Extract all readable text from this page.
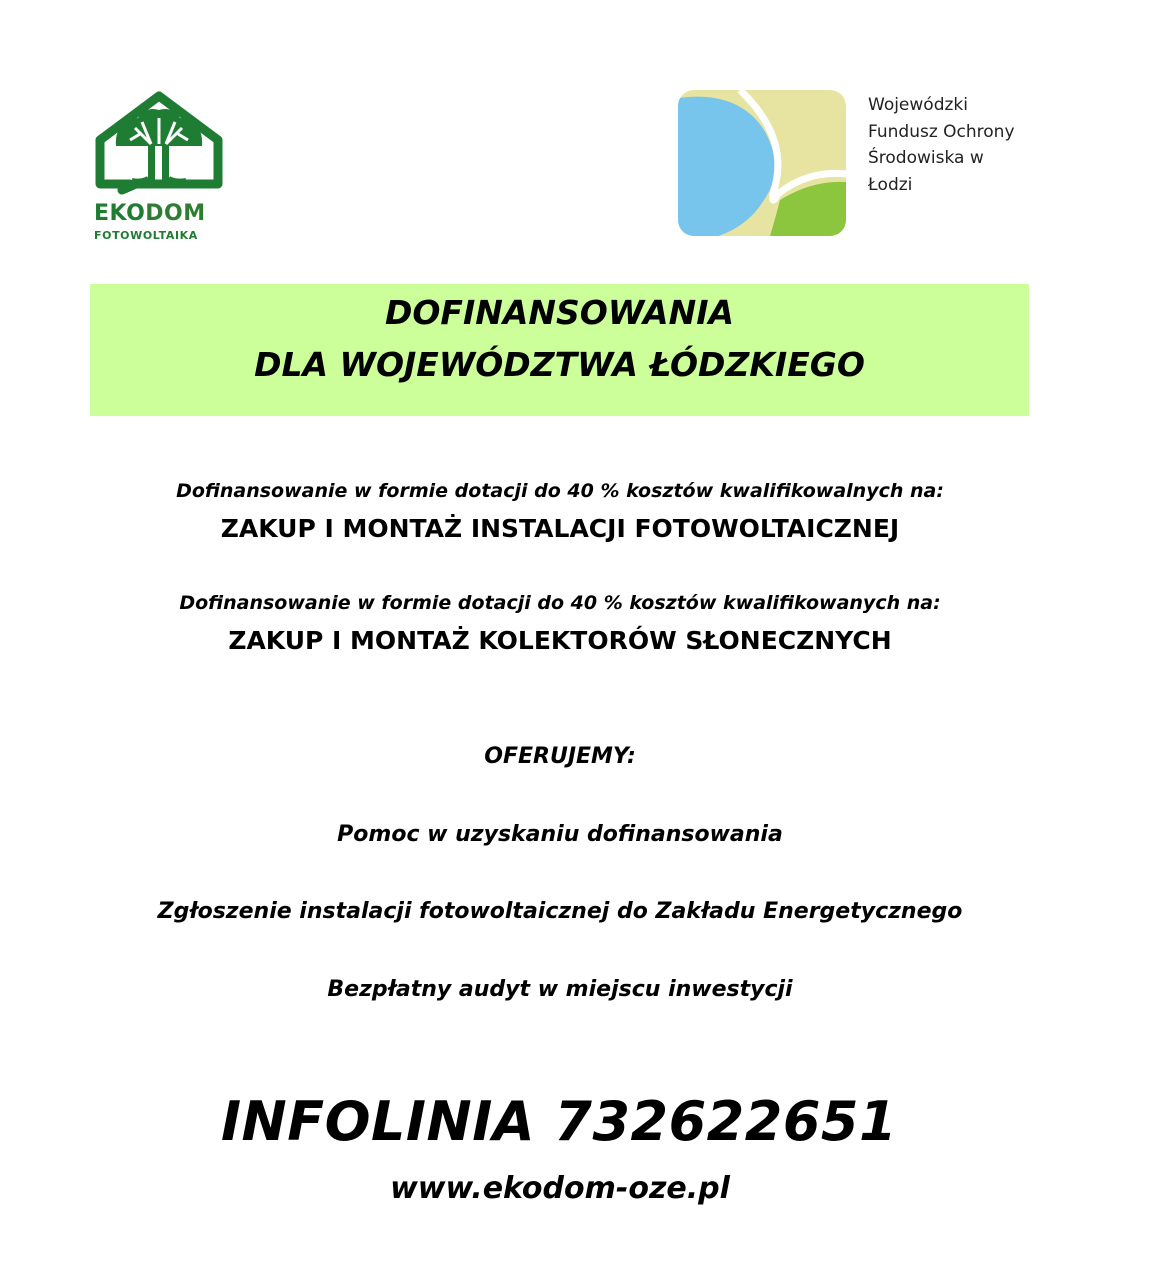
EKODOM
FOTOWOLTAIKA
Wojewódzki
Fundusz Ochrony
Środowiska w
Łodzi
DOFINANSOWANIA
DLA WOJEWÓDZTWA ŁÓDZKIEGO
Dofinansowanie w formie dotacji do 40 % kosztów kwalifikowalnych na:
ZAKUP I MONTAŻ INSTALACJI FOTOWOLTAICZNEJ
Dofinansowanie w formie dotacji do 40 % kosztów kwalifikowanych na:
ZAKUP I MONTAŻ KOLEKTORÓW SŁONECZNYCH
OFERUJEMY:
Pomoc w uzyskaniu dofinansowania
Zgłoszenie instalacji fotowoltaicznej do Zakładu Energetycznego
Bezpłatny audyt w miejscu inwestycji
INFOLINIA 732622651
www.ekodom-oze.pl
